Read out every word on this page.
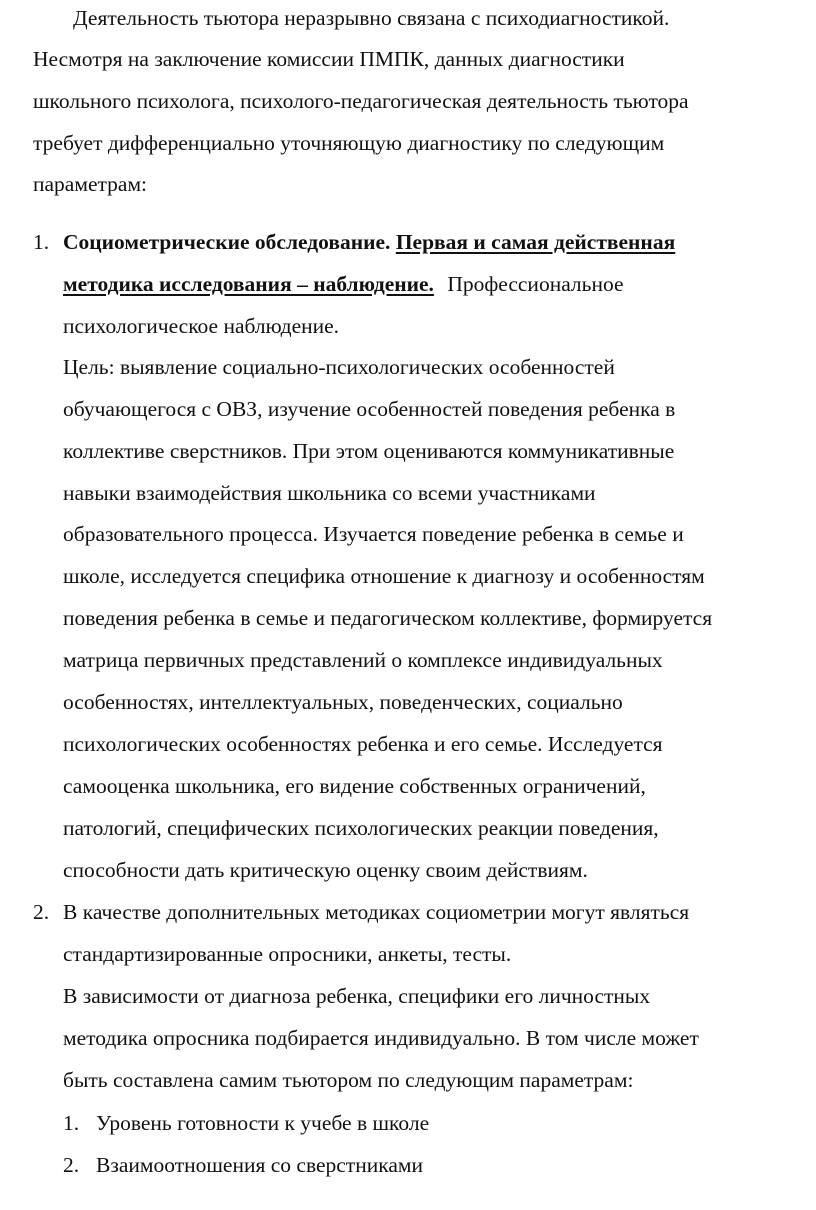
Деятельность тьютора неразрывно связана с психодиагностикой.
Несмотря на заключение комиссии ПМПК, данных диагностики
школьного психолога, психолого-педагогическая деятельность тьютора
требует дифференциально уточняющую диагностику по следующим
параметрам:
1. Социометрические обследование. Первая и самая действенная
методика исследования – наблюдение. Профессиональное
психологическое наблюдение.
Цель: выявление социально-психологических особенностей
обучающегося с ОВЗ, изучение особенностей поведения ребенка в
коллективе сверстников. При этом оцениваются коммуникативные
навыки взаимодействия школьника со всеми участниками
образовательного процесса. Изучается поведение ребенка в семье и
школе, исследуется специфика отношение к диагнозу и особенностям
поведения ребенка в семье и педагогическом коллективе, формируется
матрица первичных представлений о комплексе индивидуальных
особенностях, интеллектуальных, поведенческих, социально
психологических особенностях ребенка и его семье. Исследуется
самооценка школьника, его видение собственных ограничений,
патологий, специфических психологических реакции поведения,
способности дать критическую оценку своим действиям.
2. В качестве дополнительных методиках социометрии могут являться
стандартизированные опросники, анкеты, тесты.
В зависимости от диагноза ребенка, специфики его личностных
методика опросника подбирается индивидуально. В том числе может
быть составлена самим тьютором по следующим параметрам:
1. Уровень готовности к учебе в школе
2. Взаимоотношения со сверстниками
